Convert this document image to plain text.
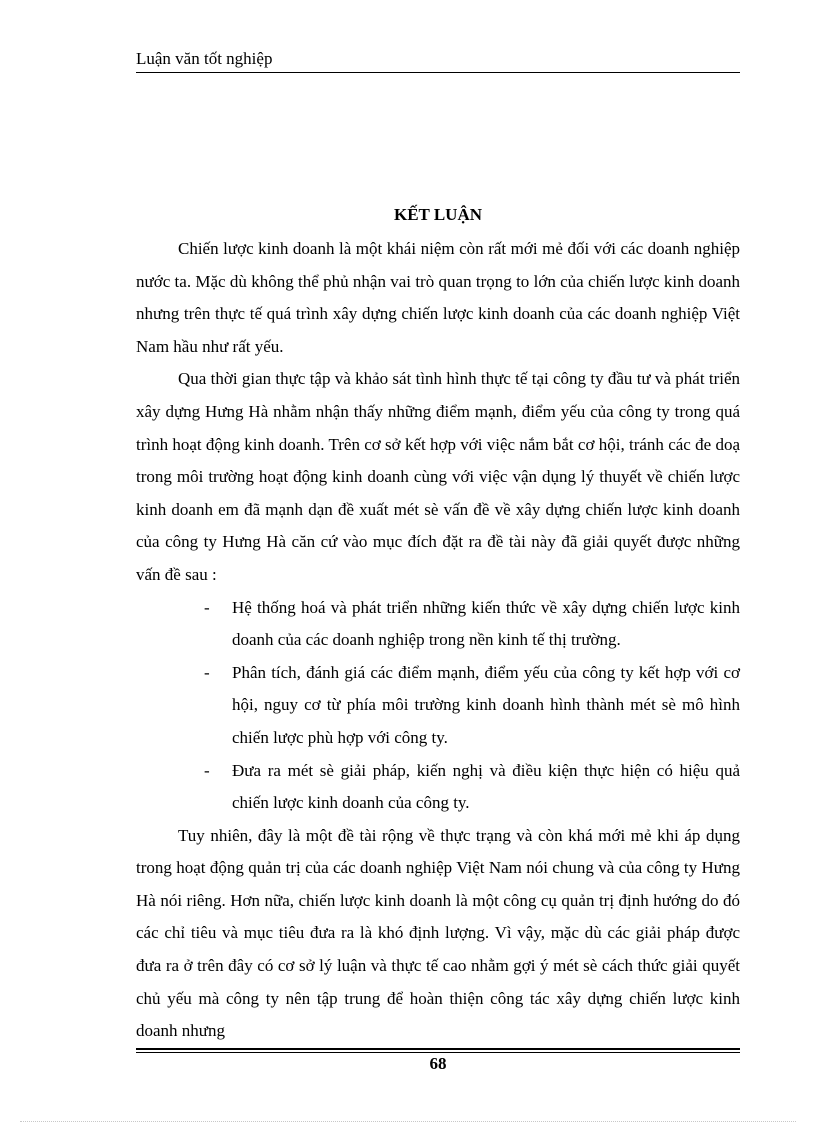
Luận văn tốt nghiệp
KẾT LUẬN

Chiến lược kinh doanh là một khái niệm còn rất mới mẻ đối với các doanh nghiệp nước ta. Mặc dù không thể phủ nhận vai trò quan trọng to lớn của chiến lược kinh doanh nhưng trên thực tế quá trình xây dựng chiến lược kinh doanh của các doanh nghiệp Việt Nam hầu như rất yếu.

Qua thời gian thực tập và khảo sát tình hình thực tế tại công ty đầu tư và phát triển xây dựng Hưng Hà nhằm nhận thấy những điểm mạnh, điểm yếu của công ty trong quá trình hoạt động kinh doanh. Trên cơ sở kết hợp với việc nắm bắt cơ hội, tránh các đe doạ trong môi trường hoạt động kinh doanh cùng với việc vận dụng lý thuyết về chiến lược kinh doanh em đã mạnh dạn đề xuất mét sè vấn đề về xây dựng chiến lược kinh doanh của công ty Hưng Hà căn cứ vào mục đích đặt ra đề tài này đã giải quyết được những vấn đề sau :

- Hệ thống hoá và phát triển những kiến thức về xây dựng chiến lược kinh doanh của các doanh nghiệp trong nền kinh tế thị trường.
- Phân tích, đánh giá các điểm mạnh, điểm yếu của công ty kết hợp với cơ hội, nguy cơ từ phía môi trường kinh doanh hình thành mét sè mô hình chiến lược phù hợp với công ty.
- Đưa ra mét sè giải pháp, kiến nghị và điều kiện thực hiện có hiệu quả chiến lược kinh doanh của công ty.

Tuy nhiên, đây là một đề tài rộng về thực trạng và còn khá mới mẻ khi áp dụng trong hoạt động quản trị của các doanh nghiệp Việt Nam nói chung và của công ty Hưng Hà nói riêng. Hơn nữa, chiến lược kinh doanh là một công cụ quản trị định hướng do đó các chỉ tiêu và mục tiêu đưa ra là khó định lượng. Vì vậy, mặc dù các giải pháp được đưa ra ở trên đây có cơ sở lý luận và thực tế cao nhằm gợi ý mét sè cách thức giải quyết chủ yếu mà công ty nên tập trung để hoàn thiện công tác xây dựng chiến lược kinh doanh nhưng

68
